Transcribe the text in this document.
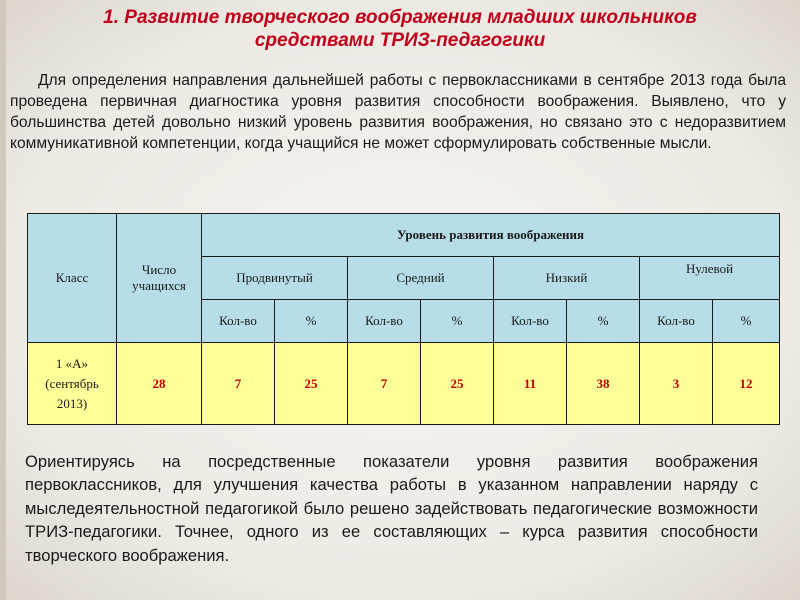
1. Развитие творческого воображения младших школьников
средствами ТРИЗ-педагогики
Для определения направления дальнейшей работы с первоклассниками в сентябре 2013 года была проведена первичная диагностика уровня развития способности воображения. Выявлено, что у большинства детей довольно низкий уровень развития воображения, но связано это с недоразвитием коммуникативной компетенции, когда учащийся не может сформулировать собственные мысли.
Класс	Число учащихся	Уровень развития воображения							
		Продвинутый		Средний		Низкий		Нулевой	
		Кол-во	%	Кол-во	%	Кол-во	%	Кол-во	%
1 «А» (сентябрь 2013)	28	7	25	7	25	11	38	3	12
Ориентируясь на посредственные показатели уровня развития воображения первоклассников, для улучшения качества работы в указанном направлении наряду с мыследеятельностной педагогикой было решено задействовать педагогические возможности ТРИЗ-педагогики. Точнее, одного из ее составляющих – курса развития способности творческого воображения.
